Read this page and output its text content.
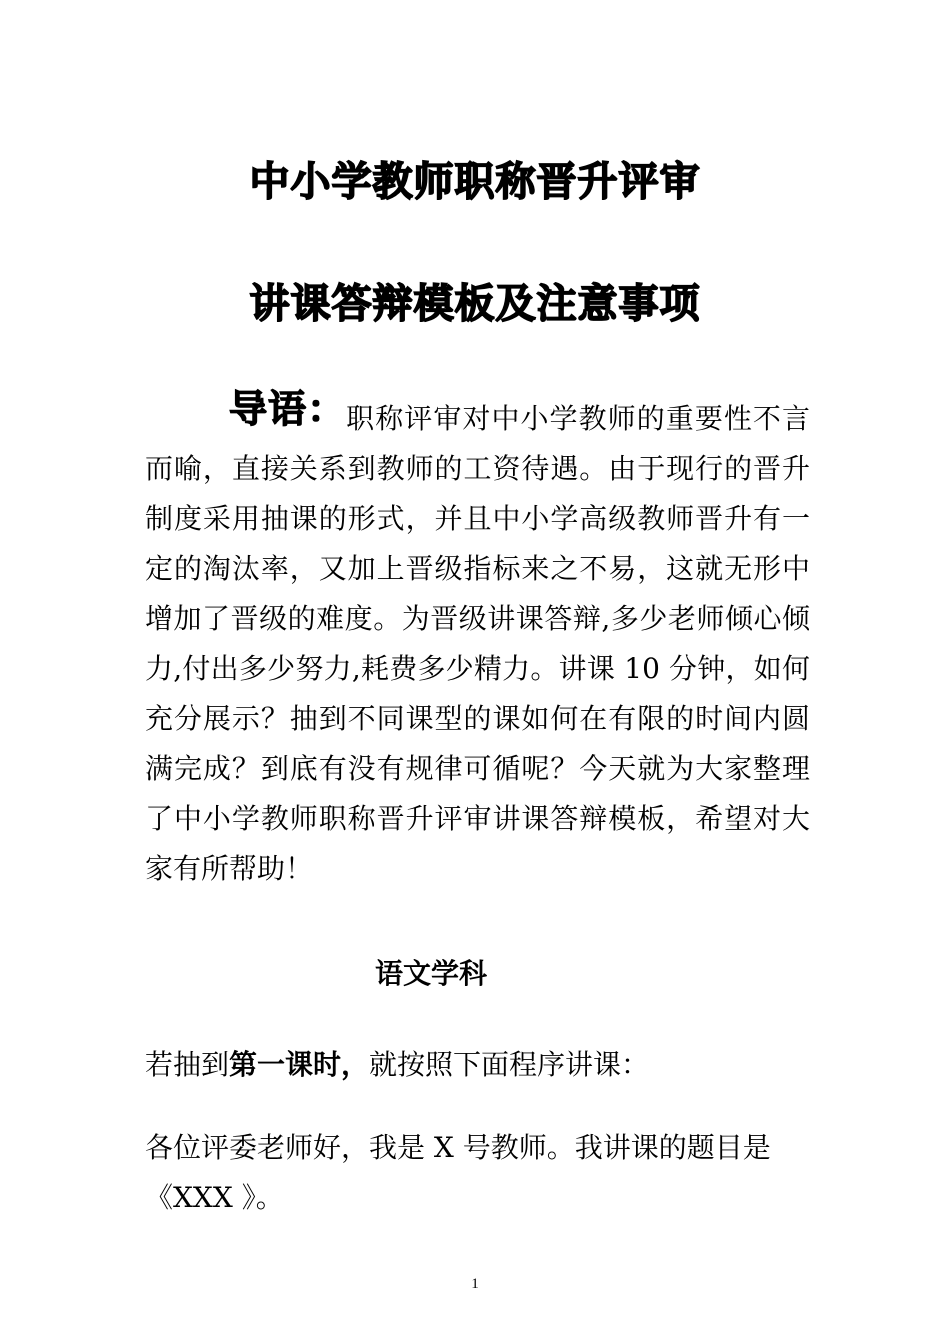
中小学教师职称晋升评审
讲课答辩模板及注意事项

导语：职称评审对中小学教师的重要性不言而喻，直接关系到教师的工资待遇。由于现行的晋升制度采用抽课的形式，并且中小学高级教师晋升有一定的淘汰率，又加上晋级指标来之不易，这就无形中增加了晋级的难度。为晋级讲课答辩,多少老师倾心倾力,付出多少努力,耗费多少精力。讲课 10 分钟，如何充分展示？抽到不同课型的课如何在有限的时间内圆满完成？到底有没有规律可循呢？今天就为大家整理了中小学教师职称晋升评审讲课答辩模板，希望对大家有所帮助！

语文学科
若抽到第一课时，就按照下面程序讲课：

各位评委老师好，我是 X 号教师。我讲课的题目是《XXX 》。

1
